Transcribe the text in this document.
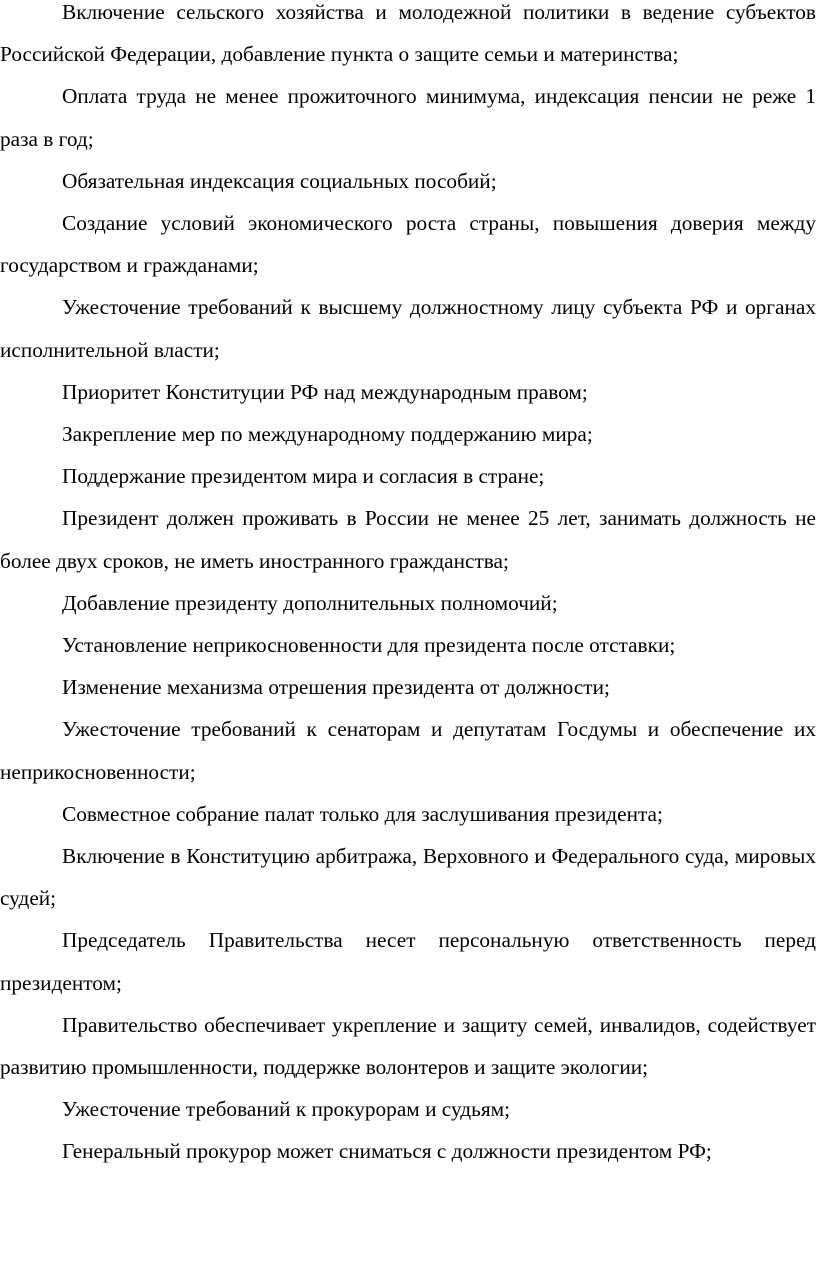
Включение сельского хозяйства и молодежной политики в ведение субъектов Российской Федерации, добавление пункта о защите семьи и материнства;

Оплата труда не менее прожиточного минимума, индексация пенсии не реже 1 раза в год;

Обязательная индексация социальных пособий;

Создание условий экономического роста страны, повышения доверия между государством и гражданами;

Ужесточение требований к высшему должностному лицу субъекта РФ и органах исполнительной власти;

Приоритет Конституции РФ над международным правом;

Закрепление мер по международному поддержанию мира;

Поддержание президентом мира и согласия в стране;

Президент должен проживать в России не менее 25 лет, занимать должность не более двух сроков, не иметь иностранного гражданства;

Добавление президенту дополнительных полномочий;

Установление неприкосновенности для президента после отставки;

Изменение механизма отрешения президента от должности;

Ужесточение требований к сенаторам и депутатам Госдумы и обеспечение их неприкосновенности;

Совместное собрание палат только для заслушивания президента;

Включение в Конституцию арбитража, Верховного и Федерального суда, мировых судей;

Председатель Правительства несет персональную ответственность перед президентом;

Правительство обеспечивает укрепление и защиту семей, инвалидов, содействует развитию промышленности, поддержке волонтеров и защите экологии;

Ужесточение требований к прокурорам и судьям;

Генеральный прокурор может сниматься с должности президентом РФ;
